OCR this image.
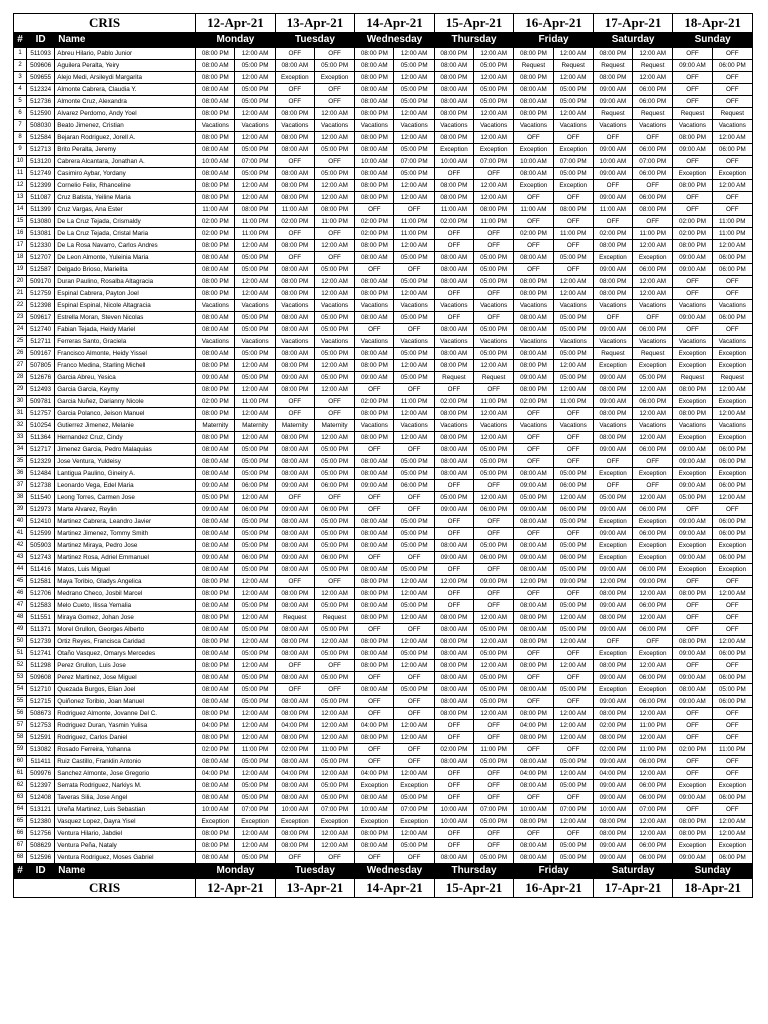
CRIS			12-Apr-21		13-Apr-21		14-Apr-21		15-Apr-21		16-Apr-21		17-Apr-21		18-Apr-21	
#	ID	Name	Monday		Tuesday		Wednesday		Thursday		Friday		Saturday		Sunday	
1	511093	Abreu Hilario, Pablo Junior	08:00 PM	12:00 AM	OFF	OFF	08:00 PM	12:00 AM	08:00 PM	12:00 AM	08:00 PM	12:00 AM	08:00 PM	12:00 AM	OFF	OFF
2	509606	Aguilera Peralta, Yeiry	08:00 AM	05:00 PM	08:00 AM	05:00 PM	08:00 AM	05:00 PM	08:00 AM	05:00 PM	Request	Request	Request	Request	09:00 AM	06:00 PM
3	509655	Alejo Medi, Arsileydi Margarita	08:00 PM	12:00 AM	Exception	Exception	08:00 PM	12:00 AM	08:00 PM	12:00 AM	08:00 PM	12:00 AM	08:00 PM	12:00 AM	OFF	OFF
4	512324	Almonte Cabrera, Claudia Y.	08:00 AM	05:00 PM	OFF	OFF	08:00 AM	05:00 PM	08:00 AM	05:00 PM	08:00 AM	05:00 PM	09:00 AM	06:00 PM	OFF	OFF
5	512736	Almonte Cruz, Alexandra	08:00 AM	05:00 PM	OFF	OFF	08:00 AM	05:00 PM	08:00 AM	05:00 PM	08:00 AM	05:00 PM	09:00 AM	06:00 PM	OFF	OFF
6	512590	Alvarez Perdomo, Andy Yoel	08:00 PM	12:00 AM	08:00 PM	12:00 AM	08:00 PM	12:00 AM	08:00 PM	12:00 AM	08:00 PM	12:00 AM	Request	Request	Request	Request
7	508030	Beato Jimenez, Cristian	Vacations	Vacations	Vacations	Vacations	Vacations	Vacations	Vacations	Vacations	Vacations	Vacations	Vacations	Vacations	Vacations	Vacations
8	512584	Bejaran Rodriguez, Jorell A.	08:00 PM	12:00 AM	08:00 PM	12:00 AM	08:00 PM	12:00 AM	08:00 PM	12:00 AM	OFF	OFF	OFF	OFF	08:00 PM	12:00 AM
9	512713	Brito Peralta, Jeremy	08:00 AM	05:00 PM	08:00 AM	05:00 PM	08:00 AM	05:00 PM	Exception	Exception	Exception	Exception	09:00 AM	06:00 PM	09:00 AM	06:00 PM
10	513120	Cabrera Alcantara, Jonathan A.	10:00 AM	07:00 PM	OFF	OFF	10:00 AM	07:00 PM	10:00 AM	07:00 PM	10:00 AM	07:00 PM	10:00 AM	07:00 PM	OFF	OFF
11	512749	Casimiro Aybar, Yordany	08:00 AM	05:00 PM	08:00 AM	05:00 PM	08:00 AM	05:00 PM	OFF	OFF	08:00 AM	05:00 PM	09:00 AM	06:00 PM	Exception	Exception
12	512399	Cornelio Felix, Rhanceline	08:00 PM	12:00 AM	08:00 PM	12:00 AM	08:00 PM	12:00 AM	08:00 PM	12:00 AM	Exception	Exception	OFF	OFF	08:00 PM	12:00 AM
13	511087	Cruz Batista, Yeiline Maria	08:00 PM	12:00 AM	08:00 PM	12:00 AM	08:00 PM	12:00 AM	08:00 PM	12:00 AM	OFF	OFF	09:00 AM	06:00 PM	OFF	OFF
14	511399	Cruz Vargas, Ana Ester	11:00 AM	08:00 PM	11:00 AM	08:00 PM	OFF	OFF	11:00 AM	08:00 PM	11:00 AM	08:00 PM	11:00 AM	08:00 PM	OFF	OFF
15	513080	De La Cruz Tejada, Crismaldy	02:00 PM	11:00 PM	02:00 PM	11:00 PM	02:00 PM	11:00 PM	02:00 PM	11:00 PM	OFF	OFF	OFF	OFF	02:00 PM	11:00 PM
16	513081	De La Cruz Tejada, Cristal Maria	02:00 PM	11:00 PM	OFF	OFF	02:00 PM	11:00 PM	OFF	OFF	02:00 PM	11:00 PM	02:00 PM	11:00 PM	02:00 PM	11:00 PM
17	512330	De La Rosa Navarro, Carlos Andres	08:00 PM	12:00 AM	08:00 PM	12:00 AM	08:00 PM	12:00 AM	OFF	OFF	OFF	OFF	08:00 PM	12:00 AM	08:00 PM	12:00 AM
18	512707	De Leon Almonte, Yuleinia Maria	08:00 AM	05:00 PM	OFF	OFF	08:00 AM	05:00 PM	08:00 AM	05:00 PM	08:00 AM	05:00 PM	Exception	Exception	09:00 AM	06:00 PM
19	512587	Delgado Brioso, Marielita	08:00 AM	05:00 PM	08:00 AM	05:00 PM	OFF	OFF	08:00 AM	05:00 PM	OFF	OFF	09:00 AM	06:00 PM	09:00 AM	06:00 PM
20	509170	Duran Paulino, Rosalba Altagracia	08:00 PM	12:00 AM	08:00 PM	12:00 AM	08:00 AM	05:00 PM	08:00 AM	05:00 PM	08:00 PM	12:00 AM	08:00 PM	12:00 AM	OFF	OFF
21	512759	Espinal Cabrera, Payton Joel	08:00 PM	12:00 AM	08:00 PM	12:00 AM	08:00 PM	12:00 AM	OFF	OFF	08:00 PM	12:00 AM	08:00 PM	12:00 AM	OFF	OFF
22	512398	Espinal Espinal, Nicole Altagracia	Vacations	Vacations	Vacations	Vacations	Vacations	Vacations	Vacations	Vacations	Vacations	Vacations	Vacations	Vacations	Vacations	Vacations
23	509617	Estrella Moran, Steven Nicolas	08:00 AM	05:00 PM	08:00 AM	05:00 PM	08:00 AM	05:00 PM	OFF	OFF	08:00 AM	05:00 PM	OFF	OFF	09:00 AM	06:00 PM
24	512740	Fabian Tejada, Heidy Mariel	08:00 AM	05:00 PM	08:00 AM	05:00 PM	OFF	OFF	08:00 AM	05:00 PM	08:00 AM	05:00 PM	09:00 AM	06:00 PM	OFF	OFF
25	512711	Ferreras Santo, Graciela	Vacations	Vacations	Vacations	Vacations	Vacations	Vacations	Vacations	Vacations	Vacations	Vacations	Vacations	Vacations	Vacations	Vacations
26	509167	Francisco Almonte, Heidy Yissel	08:00 AM	05:00 PM	08:00 AM	05:00 PM	08:00 AM	05:00 PM	08:00 AM	05:00 PM	08:00 AM	05:00 PM	Request	Request	Exception	Exception
27	507805	Franco Medina, Starling Michell	08:00 PM	12:00 AM	08:00 PM	12:00 AM	08:00 PM	12:00 AM	08:00 PM	12:00 AM	08:00 PM	12:00 AM	Exception	Exception	Exception	Exception
28	512676	Garcia Abreu, Yesica	09:00 AM	05:00 PM	09:00 AM	05:00 PM	09:00 AM	05:00 PM	Request	Request	09:00 AM	05:00 PM	09:00 AM	05:00 PM	Request	Request
29	512493	Garcia Garcia, Keymy	08:00 PM	12:00 AM	08:00 PM	12:00 AM	OFF	OFF	OFF	OFF	08:00 PM	12:00 AM	08:00 PM	12:00 AM	08:00 PM	12:00 AM
30	509781	Garcia Nuñez, Darianny Nicole	02:00 PM	11:00 PM	OFF	OFF	02:00 PM	11:00 PM	02:00 PM	11:00 PM	02:00 PM	11:00 PM	09:00 AM	06:00 PM	Exception	Exception
31	512757	Garcia Polanco, Jeison Manuel	08:00 PM	12:00 AM	OFF	OFF	08:00 PM	12:00 AM	08:00 PM	12:00 AM	OFF	OFF	08:00 PM	12:00 AM	08:00 PM	12:00 AM
32	510254	Gutierrez Jimenez, Melanie	Maternity	Maternity	Maternity	Maternity	Vacations	Vacations	Vacations	Vacations	Vacations	Vacations	Vacations	Vacations	Vacations	Vacations
33	511364	Hernandez Cruz, Cindy	08:00 PM	12:00 AM	08:00 PM	12:00 AM	08:00 PM	12:00 AM	08:00 PM	12:00 AM	OFF	OFF	08:00 PM	12:00 AM	Exception	Exception
34	512717	Jimenez Garcia, Pedro Malaquias	08:00 AM	05:00 PM	08:00 AM	05:00 PM	OFF	OFF	08:00 AM	05:00 PM	OFF	OFF	09:00 AM	06:00 PM	09:00 AM	06:00 PM
35	512329	Jose Ventura, Yuldeisy	08:00 AM	05:00 PM	08:00 AM	05:00 PM	08:00 AM	05:00 PM	08:00 AM	05:00 PM	OFF	OFF	OFF	OFF	09:00 AM	06:00 PM
36	512484	Lantigua Paulino, Gineiry A.	08:00 AM	05:00 PM	08:00 AM	05:00 PM	08:00 AM	05:00 PM	08:00 AM	05:00 PM	08:00 AM	05:00 PM	Exception	Exception	Exception	Exception
37	512738	Leonardo Vega, Edel Maria	09:00 AM	06:00 PM	09:00 AM	06:00 PM	09:00 AM	06:00 PM	OFF	OFF	09:00 AM	06:00 PM	OFF	OFF	09:00 AM	06:00 PM
38	511540	Leong Torres, Carmen Jose	05:00 PM	12:00 AM	OFF	OFF	OFF	OFF	05:00 PM	12:00 AM	05:00 PM	12:00 AM	05:00 PM	12:00 AM	05:00 PM	12:00 AM
39	512973	Marte Alvarez, Reylin	09:00 AM	06:00 PM	09:00 AM	06:00 PM	OFF	OFF	09:00 AM	06:00 PM	09:00 AM	06:00 PM	09:00 AM	06:00 PM	OFF	OFF
40	512410	Martinez Cabrera, Leandro Javier	08:00 AM	05:00 PM	08:00 AM	05:00 PM	08:00 AM	05:00 PM	OFF	OFF	08:00 AM	05:00 PM	Exception	Exception	09:00 AM	06:00 PM
41	512599	Martinez Jimenez, Tommy Smith	08:00 AM	05:00 PM	08:00 AM	05:00 PM	08:00 AM	05:00 PM	OFF	OFF	OFF	OFF	09:00 AM	06:00 PM	09:00 AM	06:00 PM
42	505903	Martinez Miraya, Pedro Jose	08:00 AM	05:00 PM	08:00 AM	05:00 PM	08:00 AM	05:00 PM	08:00 AM	05:00 PM	08:00 AM	05:00 PM	Exception	Exception	Exception	Exception
43	512743	Martinez Rosa, Adriel Emmanuel	09:00 AM	06:00 PM	09:00 AM	06:00 PM	OFF	OFF	09:00 AM	06:00 PM	09:00 AM	06:00 PM	Exception	Exception	09:00 AM	06:00 PM
44	511416	Matos, Luis Miguel	08:00 AM	05:00 PM	08:00 AM	05:00 PM	08:00 AM	05:00 PM	OFF	OFF	08:00 AM	05:00 PM	09:00 AM	06:00 PM	Exception	Exception
45	512581	Maya Toribio, Gladys Angelica	08:00 PM	12:00 AM	OFF	OFF	08:00 PM	12:00 AM	12:00 PM	09:00 PM	12:00 PM	09:00 PM	12:00 PM	09:00 PM	OFF	OFF
46	512706	Medrano Checo, Josbil Marcel	08:00 PM	12:00 AM	08:00 PM	12:00 AM	08:00 PM	12:00 AM	OFF	OFF	OFF	OFF	08:00 PM	12:00 AM	08:00 PM	12:00 AM
47	512583	Melo Cueto, Ilissa Yemalia	08:00 AM	05:00 PM	08:00 AM	05:00 PM	08:00 AM	05:00 PM	OFF	OFF	08:00 AM	05:00 PM	09:00 AM	06:00 PM	OFF	OFF
48	511551	Miraya Gomez, Johan Jose	08:00 PM	12:00 AM	Request	Request	08:00 PM	12:00 AM	08:00 PM	12:00 AM	08:00 PM	12:00 AM	08:00 PM	12:00 AM	OFF	OFF
49	511371	Morel Grullon, Georges Alberto	08:00 AM	05:00 PM	08:00 AM	05:00 PM	OFF	OFF	08:00 AM	05:00 PM	08:00 AM	05:00 PM	09:00 AM	06:00 PM	OFF	OFF
50	512739	Ortiz Reyes, Francisca Caridad	08:00 PM	12:00 AM	08:00 PM	12:00 AM	08:00 PM	12:00 AM	08:00 PM	12:00 AM	08:00 PM	12:00 AM	OFF	OFF	08:00 PM	12:00 AM
51	512741	Otaño Vasquez, Omarys Mercedes	08:00 AM	05:00 PM	08:00 AM	05:00 PM	08:00 AM	05:00 PM	08:00 AM	05:00 PM	OFF	OFF	Exception	Exception	09:00 AM	06:00 PM
52	511298	Perez Grullon, Luis Jose	08:00 PM	12:00 AM	OFF	OFF	08:00 PM	12:00 AM	08:00 PM	12:00 AM	08:00 PM	12:00 AM	08:00 PM	12:00 AM	OFF	OFF
53	509608	Perez Martinez, Jose Miguel	08:00 AM	05:00 PM	08:00 AM	05:00 PM	OFF	OFF	08:00 AM	05:00 PM	OFF	OFF	09:00 AM	06:00 PM	09:00 AM	06:00 PM
54	512710	Quezada Burgos, Elian Joel	08:00 AM	05:00 PM	OFF	OFF	08:00 AM	05:00 PM	08:00 AM	05:00 PM	08:00 AM	05:00 PM	Exception	Exception	08:00 AM	05:00 PM
55	512715	Quiñonez Toribio, Joan Manuel	08:00 AM	05:00 PM	08:00 AM	05:00 PM	OFF	OFF	08:00 AM	05:00 PM	OFF	OFF	09:00 AM	06:00 PM	09:00 AM	06:00 PM
56	508673	Rodriguez Almonte, Jovanne Del C.	08:00 PM	12:00 AM	08:00 PM	12:00 AM	OFF	OFF	08:00 PM	12:00 AM	08:00 PM	12:00 AM	08:00 PM	12:00 AM	OFF	OFF
57	512753	Rodriguez Duran, Yasmin Yulisa	04:00 PM	12:00 AM	04:00 PM	12:00 AM	04:00 PM	12:00 AM	OFF	OFF	04:00 PM	12:00 AM	02:00 PM	11:00 PM	OFF	OFF
58	512591	Rodriguez, Carlos Daniel	08:00 PM	12:00 AM	08:00 PM	12:00 AM	08:00 PM	12:00 AM	OFF	OFF	08:00 PM	12:00 AM	08:00 PM	12:00 AM	OFF	OFF
59	513082	Rosado Ferreira, Yohanna	02:00 PM	11:00 PM	02:00 PM	11:00 PM	OFF	OFF	02:00 PM	11:00 PM	OFF	OFF	02:00 PM	11:00 PM	02:00 PM	11:00 PM
60	511411	Ruiz Castillo, Franklin Antonio	08:00 AM	05:00 PM	08:00 AM	05:00 PM	OFF	OFF	08:00 AM	05:00 PM	08:00 AM	05:00 PM	09:00 AM	06:00 PM	OFF	OFF
61	509976	Sanchez Almonte, Jose Gregorio	04:00 PM	12:00 AM	04:00 PM	12:00 AM	04:00 PM	12:00 AM	OFF	OFF	04:00 PM	12:00 AM	04:00 PM	12:00 AM	OFF	OFF
62	512397	Serrata Rodriguez, Narkiys M.	08:00 AM	05:00 PM	08:00 AM	05:00 PM	Exception	Exception	OFF	OFF	08:00 AM	05:00 PM	09:00 AM	06:00 PM	Exception	Exception
63	512408	Taveras Silia, Jose Angel	08:00 AM	05:00 PM	08:00 AM	05:00 PM	08:00 AM	05:00 PM	OFF	OFF	OFF	OFF	09:00 AM	06:00 PM	09:00 AM	06:00 PM
64	513121	Ureña Martinez, Luis Sebastian	10:00 AM	07:00 PM	10:00 AM	07:00 PM	10:00 AM	07:00 PM	10:00 AM	07:00 PM	10:00 AM	07:00 PM	10:00 AM	07:00 PM	OFF	OFF
65	512380	Vasquez Lopez, Dayra Yisel	Exception	Exception	Exception	Exception	Exception	Exception	10:00 AM	05:00 PM	08:00 PM	12:00 AM	08:00 PM	12:00 AM	08:00 PM	12:00 AM
66	512756	Ventura Hilario, Jabdiel	08:00 PM	12:00 AM	08:00 PM	12:00 AM	08:00 PM	12:00 AM	OFF	OFF	OFF	OFF	08:00 PM	12:00 AM	08:00 PM	12:00 AM
67	508629	Ventura Peña, Nataly	08:00 PM	12:00 AM	08:00 PM	12:00 AM	08:00 AM	05:00 PM	OFF	OFF	08:00 AM	05:00 PM	09:00 AM	06:00 PM	Exception	Exception
68	512596	Ventura Rodriguez, Moses Gabriel	08:00 AM	05:00 PM	OFF	OFF	OFF	OFF	08:00 AM	05:00 PM	08:00 AM	05:00 PM	09:00 AM	06:00 PM	09:00 AM	06:00 PM
#	ID	Name	Monday		Tuesday		Wednesday		Thursday		Friday		Saturday		Sunday	
CRIS			12-Apr-21		13-Apr-21		14-Apr-21		15-Apr-21		16-Apr-21		17-Apr-21		18-Apr-21	
